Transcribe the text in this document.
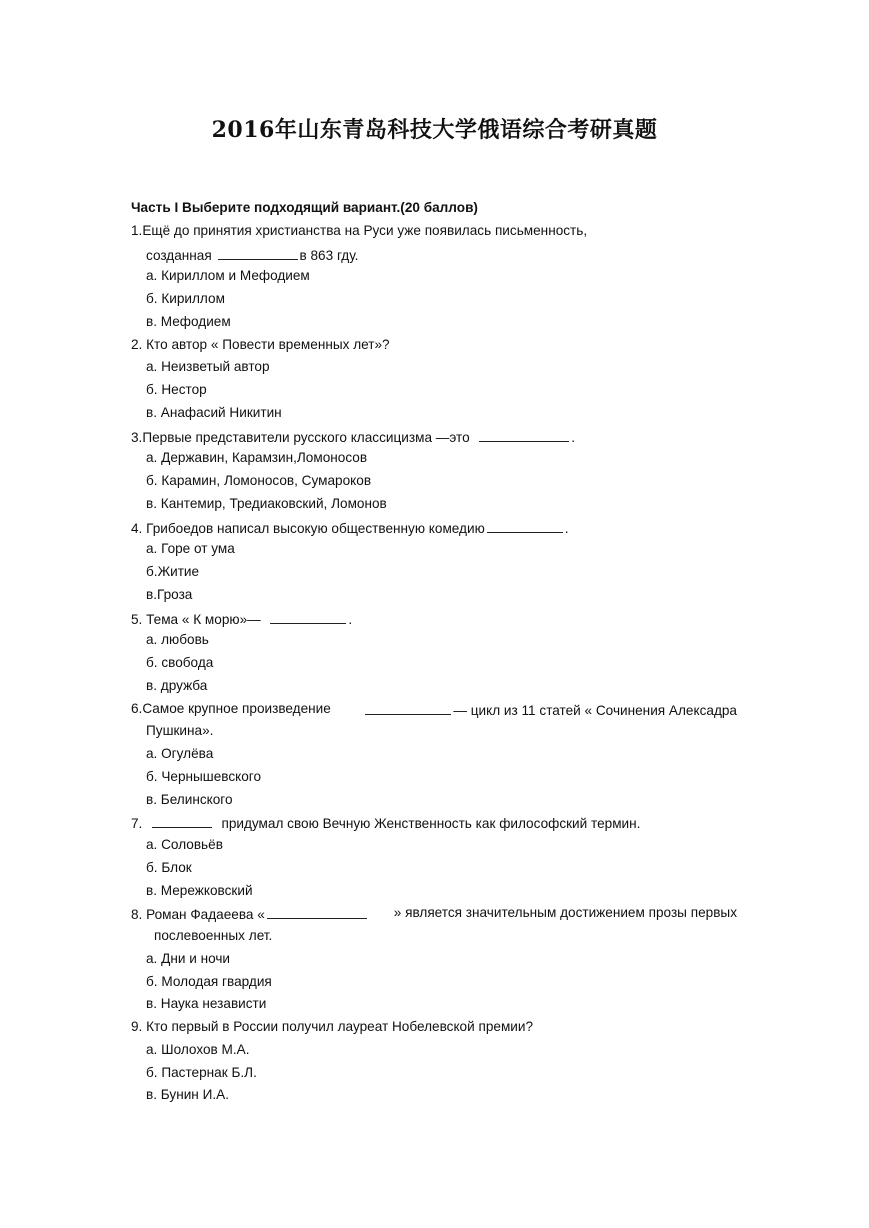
2016年山东青岛科技大学俄语综合考研真题
Часть I Выберите подходящий вариант.(20 баллов)
1.Ещё до принятия христианства на Руси уже появилась письменность,
созданная	в 863 гду.
а. Кириллом и Мефодием
б. Кириллом
в. Мефодием
2. Кто автор « Повести временных лет»?
а. Неизветый автор
б. Нестор
в. Анафасий Никитин
3.Первые представители русского классицизма —это	.
а. Державин, Карамзин,Ломоносов
б. Карамин, Ломоносов, Сумароков
в. Кантемир, Тредиаковский, Ломонов
4. Грибоедов написал высокую общественную комедию	.
а. Горе от ума
б.Житие
в.Гроза
5. Тема « К морю»—	.
а. любовь
б. свобода
в. дружба
6.Самое крупное произведение	— цикл из 11 статей « Сочинения Алексадра
Пушкина».
а. Огулёва
б. Чернышевского
в. Белинского
7.	придумал свою Вечную Женственность как философский термин.
а. Соловьёв
б. Блок
в. Мережковский
8. Роман Фадаеева «	» является значительным достижением прозы первых
послевоенных лет.
а. Дни и ночи
б. Молодая гвардия
в. Наука независти
9. Кто первый в России получил лауреат Нобелевской премии?
а. Шолохов М.А.
б. Пастернак Б.Л.
в. Бунин И.А.
